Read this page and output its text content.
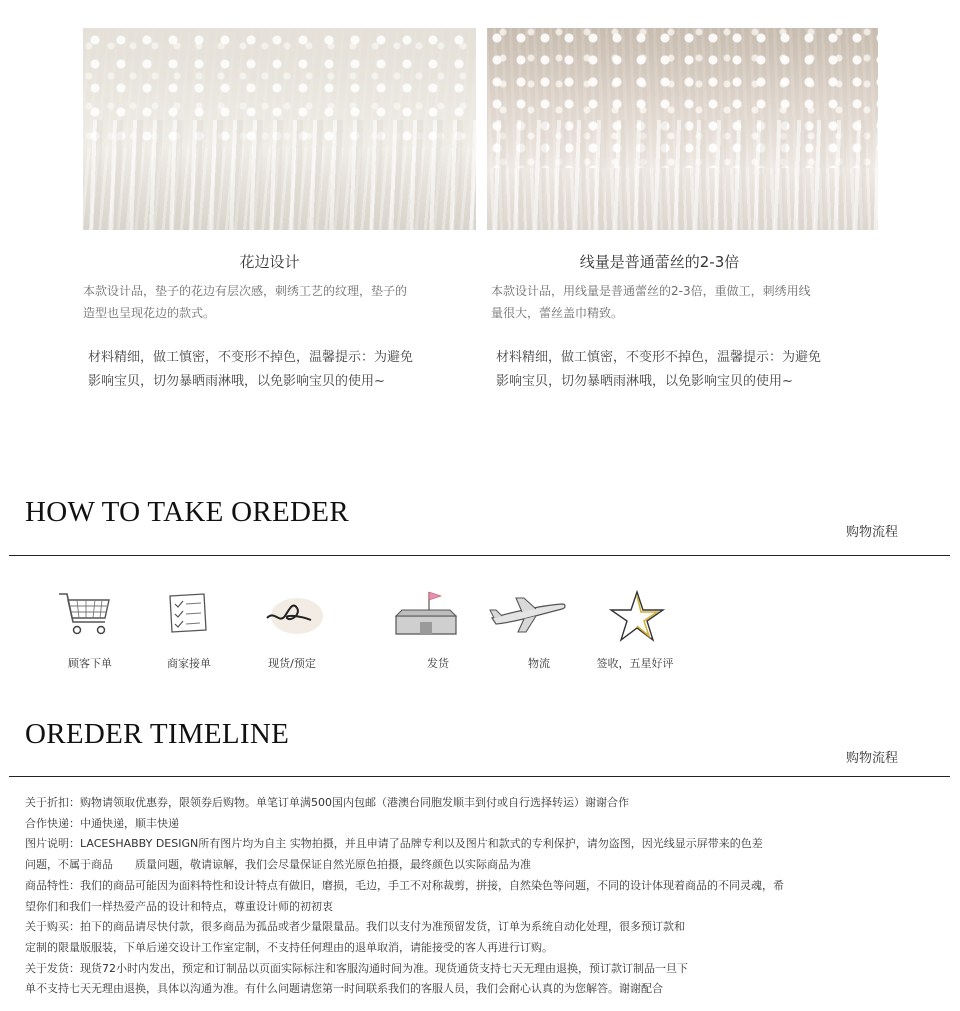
花边设计	线量是普通蕾丝的2-3倍
本款设计品，垫子的花边有层次感，刺绣工艺的纹理，垫子的
造型也呈现花边的款式。
本款设计品，用线量是普通蕾丝的2-3倍，重做工，刺绣用线
量很大，蕾丝盖巾精致。
材料精细，做工慎密，不变形不掉色，温馨提示：为避免
影响宝贝，切勿暴晒雨淋哦，以免影响宝贝的使用~
材料精细，做工慎密，不变形不掉色，温馨提示：为避免
影响宝贝，切勿暴晒雨淋哦，以免影响宝贝的使用~
HOW TO TAKE OREDER
购物流程
顾客下单	商家接单	现货/预定	发货	物流	签收，五星好评
OREDER TIMELINE
购物流程
关于折扣：购物请领取优惠券，限领券后购物。单笔订单满500国内包邮（港澳台同胞发顺丰到付或自行选择转运）谢谢合作
合作快递：中通快递，顺丰快递
图片说明：LACESHABBY DESIGN所有图片均为自主 实物拍摄，并且申请了品牌专利以及图片和款式的专利保护，请勿盗图，因光线显示屏带来的色差
问题，不属于商品　　质量问题，敬请谅解，我们会尽量保证自然光原色拍摄，最终颜色以实际商品为准
商品特性：我们的商品可能因为面料特性和设计特点有做旧，磨损，毛边，手工不对称裁剪，拼接，自然染色等问题，不同的设计体现着商品的不同灵魂，希
望你们和我们一样热爱产品的设计和特点，尊重设计师的初初衷
关于购买：拍下的商品请尽快付款，很多商品为孤品或者少量限量品。我们以支付为准预留发货，订单为系统自动化处理，很多预订款和
定制的限量版服装，下单后递交设计工作室定制，不支持任何理由的退单取消，请能接受的客人再进行订购。
关于发货：现货72小时内发出，预定和订制品以页面实际标注和客服沟通时间为准。现货通货支持七天无理由退换，预订款订制品一旦下
单不支持七天无理由退换，具体以沟通为准。有什么问题请您第一时间联系我们的客服人员，我们会耐心认真的为您解答。谢谢配合
